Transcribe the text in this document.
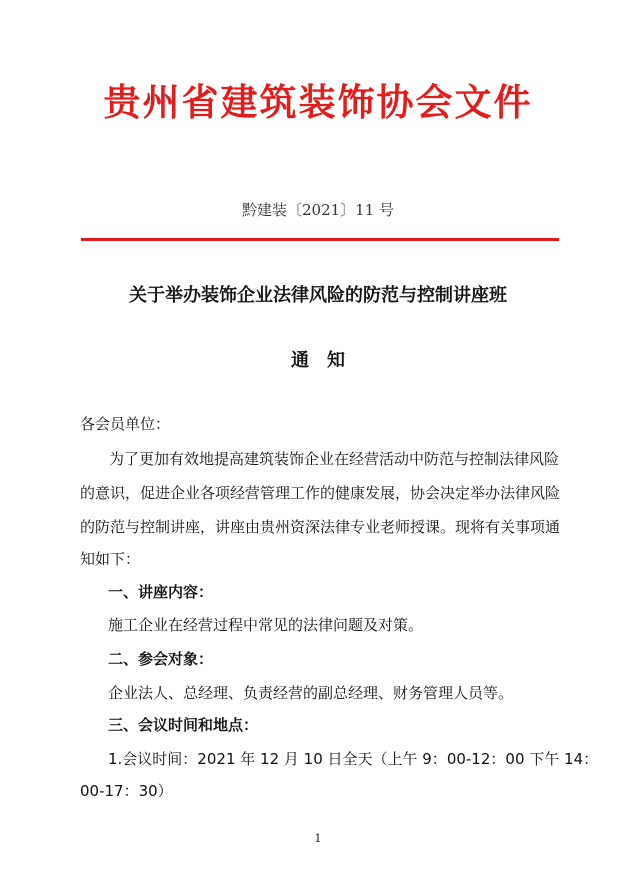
贵州省建筑装饰协会文件
黔建装〔2021〕11 号
关于举办装饰企业法律风险的防范与控制讲座班
通　知
各会员单位：
为了更加有效地提高建筑装饰企业在经营活动中防范与控制法律风险
的意识，促进企业各项经营管理工作的健康发展，协会决定举办法律风险
的防范与控制讲座，讲座由贵州资深法律专业老师授课。现将有关事项通
知如下：
一、讲座内容：
施工企业在经营过程中常见的法律问题及对策。
二、参会对象：
企业法人、总经理、负责经营的副总经理、财务管理人员等。
三、会议时间和地点：
1.会议时间：2021 年 12 月 10 日全天（上午 9：00-12：00 下午 14：
00-17：30）
1
